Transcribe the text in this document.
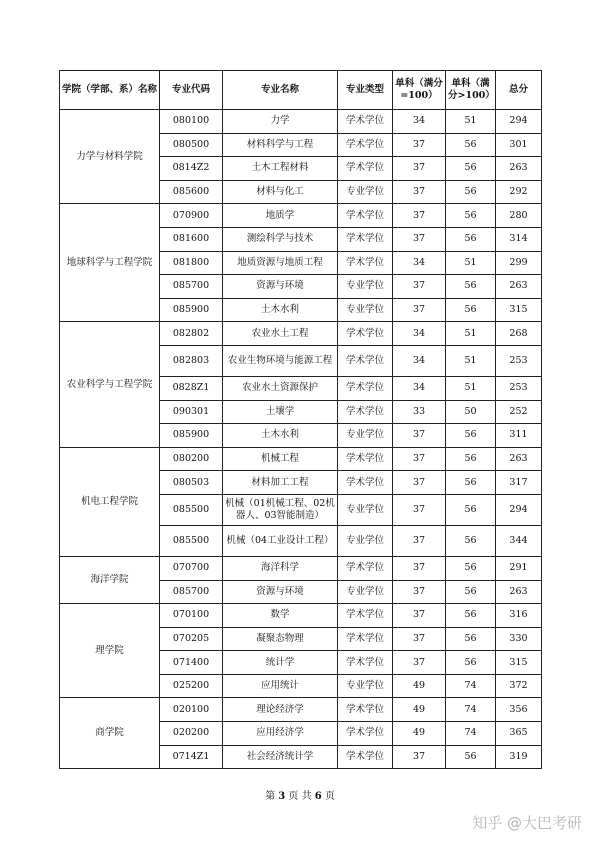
学院（学部、系）名称	专业代码	专业名称	专业类型	单科（满分=100）	单科（满分>100）	总分
力学与材料学院	080100	力学	学术学位	34	51	294
	080500	材料科学与工程	学术学位	37	56	301
	0814Z2	土木工程材料	学术学位	37	56	263
	085600	材料与化工	专业学位	37	56	292
地球科学与工程学院	070900	地质学	学术学位	37	56	280
	081600	测绘科学与技术	学术学位	37	56	314
	081800	地质资源与地质工程	学术学位	34	51	299
	085700	资源与环境	专业学位	37	56	263
	085900	土木水利	专业学位	37	56	315
农业科学与工程学院	082802	农业水土工程	学术学位	34	51	268
	082803	农业生物环境与能源工程	学术学位	34	51	253
	0828Z1	农业水土资源保护	学术学位	34	51	253
	090301	土壤学	学术学位	33	50	252
	085900	土木水利	专业学位	37	56	311
机电工程学院	080200	机械工程	学术学位	37	56	263
	080503	材料加工工程	学术学位	37	56	317
	085500	机械（01机械工程、02机器人、03智能制造）	专业学位	37	56	294
	085500	机械（04工业设计工程）	专业学位	37	56	344
海洋学院	070700	海洋科学	学术学位	37	56	291
	085700	资源与环境	专业学位	37	56	263
理学院	070100	数学	学术学位	37	56	316
	070205	凝聚态物理	学术学位	37	56	330
	071400	统计学	学术学位	37	56	315
	025200	应用统计	专业学位	49	74	372
商学院	020100	理论经济学	学术学位	49	74	356
	020200	应用经济学	学术学位	49	74	365
	0714Z1	社会经济统计学	学术学位	37	56	319
第 3 页 共 6 页
知乎 @大巴考研
